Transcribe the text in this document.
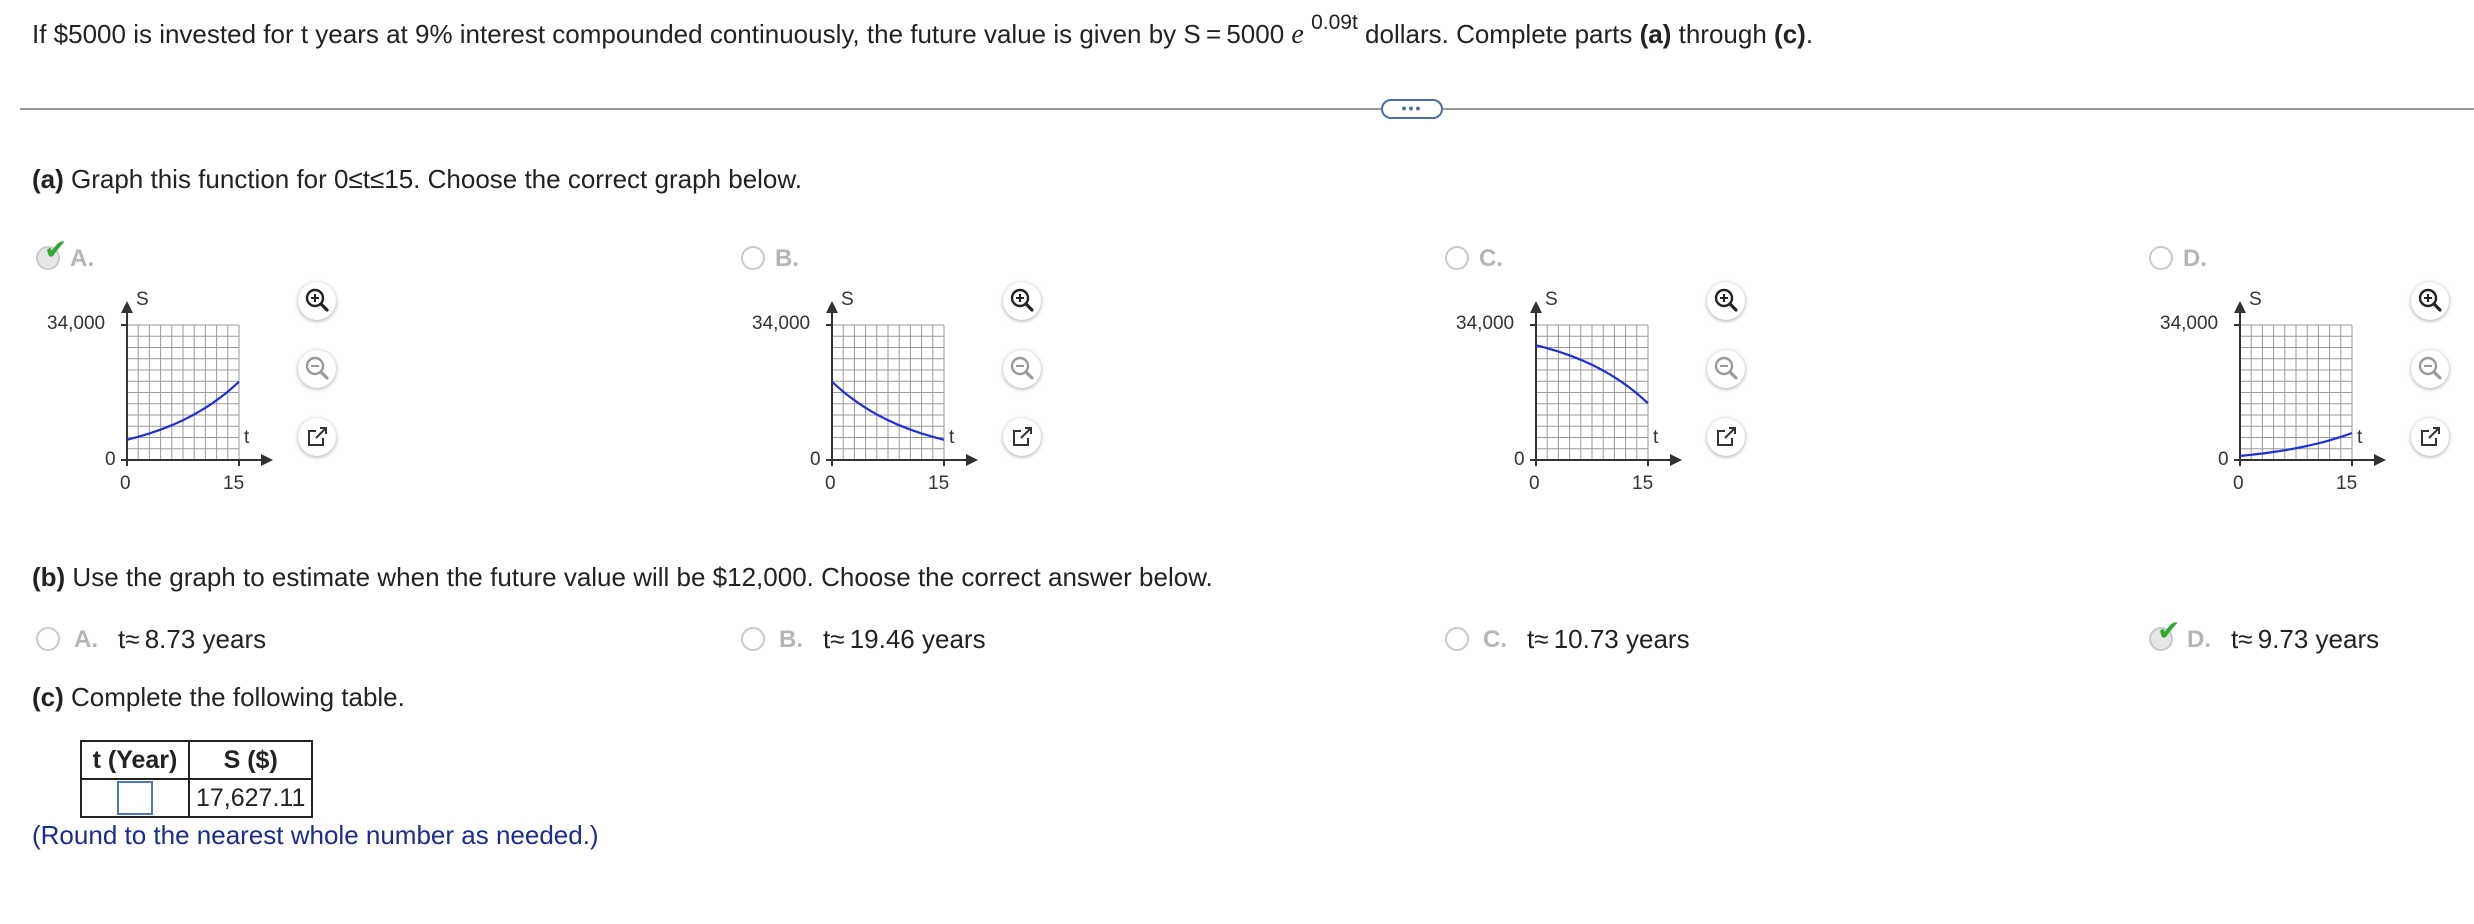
If $5000 is invested for t years at 9% interest compounded continuously, the future value is given by S = 5000 e $^{0.09t}$ dollars. Complete parts (a) through (c).
•••
(a) Graph this function for 0≤t≤15. Choose the correct graph below.
✔ A.
34,000
0
0	15
S
t
B.
34,000
0
0	15
S
t
C.
34,000
0
0	15
S
t
D.
34,000
0
0	15
S
t
(b) Use the graph to estimate when the future value will be $12,000. Choose the correct answer below.
A. t≈ 8.73 years	B. t≈ 19.46 years	C. t≈ 10.73 years	✔ D. t≈ 9.73 years
(c) Complete the following table.
t (Year)	S ($)
	17,627.11
(Round to the nearest whole number as needed.)
